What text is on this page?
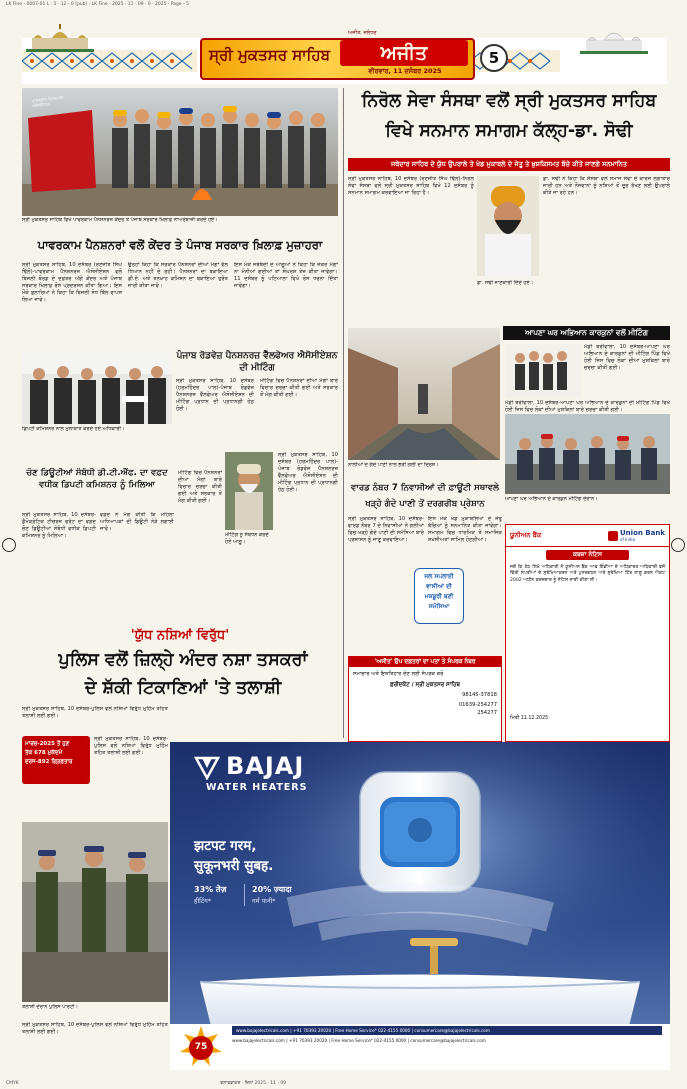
LK Fine - 0007-01 L · 5 · 12 - 0 (pub) · LK Fine - 2025 · 11 · 09 · 0 · 2025 · Page - 5
ਸ੍ਰੀ ਮੁਕਤਸਰ ਸਾਹਿਬ
ਅਜੀਤ, ਜਲੰਧਰ
ਅਜੀਤ
ਵੀਰਵਾਰ, 11 ਦਸੰਬਰ 2025
5
ਪਾਵਰਕਾਮ ਪੈਨਸ਼ਨਰਜ਼ ਐਸੋਸੀਏਸ਼ਨ
ਸ੍ਰੀ ਮੁਕਤਸਰ ਸਾਹਿਬ ਵਿਖੇ ਪਾਵਰਕਾਮ ਪੈਨਸ਼ਨਰਜ਼ ਕੇਂਦਰ ਤੇ ਪੰਜਾਬ ਸਰਕਾਰ ਖ਼ਿਲਾਫ਼ ਨਾਅਰੇਬਾਜ਼ੀ ਕਰਦੇ ਹੋਏ।
ਪਾਵਰਕਾਮ ਪੈਨਸ਼ਨਰਾਂ ਵਲੋਂ ਕੇਂਦਰ ਤੇ ਪੰਜਾਬ ਸਰਕਾਰ ਖ਼ਿਲਾਫ਼ ਮੁਜ਼ਾਹਰਾ
ਸ੍ਰੀ ਮੁਕਤਸਰ ਸਾਹਿਬ, 10 ਦਸੰਬਰ (ਰਣਜੀਤ ਸਿੰਘ ਢਿੱਲੋਂ)-ਪਾਵਰਕਾਮ ਪੈਨਸ਼ਨਰਜ਼ ਐਸੋਸੀਏਸ਼ਨ ਵਲੋਂ ਬਿਜਲੀ ਬੋਰਡ ਦੇ ਦਫ਼ਤਰ ਅੱਗੇ ਕੇਂਦਰ ਅਤੇ ਪੰਜਾਬ ਸਰਕਾਰ ਖ਼ਿਲਾਫ਼ ਰੋਸ ਪ੍ਰਦਰਸ਼ਨ ਕੀਤਾ ਗਿਆ। ਇਸ ਮੌਕੇ ਬੁਲਾਰਿਆਂ ਨੇ ਕਿਹਾ ਕਿ ਬਿਜਲੀ ਸੋਧ ਬਿੱਲ ਵਾਪਸ ਲਿਆ ਜਾਵੇ।
ਉਨ੍ਹਾਂ ਕਿਹਾ ਕਿ ਸਰਕਾਰ ਪੈਨਸ਼ਨਰਾਂ ਦੀਆਂ ਮੰਗਾਂ ਵੱਲ ਧਿਆਨ ਨਹੀਂ ਦੇ ਰਹੀ। ਪੈਨਸ਼ਨਰਾਂ ਦਾ ਬਕਾਇਆ ਡੀ.ਏ. ਅਤੇ ਤਨਖ਼ਾਹ ਕਮਿਸ਼ਨ ਦਾ ਬਕਾਇਆ ਤੁਰੰਤ ਜਾਰੀ ਕੀਤਾ ਜਾਵੇ।
ਇਸ ਮੌਕੇ ਜਥੇਬੰਦੀ ਦੇ ਆਗੂਆਂ ਨੇ ਕਿਹਾ ਕਿ ਜੇਕਰ ਮੰਗਾਂ ਨਾ ਮੰਨੀਆਂ ਗਈਆਂ ਤਾਂ ਸੰਘਰਸ਼ ਤੇਜ਼ ਕੀਤਾ ਜਾਵੇਗਾ। 11 ਦਸੰਬਰ ਨੂੰ ਪਟਿਆਲਾ ਵਿਖੇ ਰੋਸ ਧਰਨਾ ਦਿੱਤਾ ਜਾਵੇਗਾ।
ਪੰਜਾਬ ਰੋਡਵੇਜ਼ ਪੈਨਸ਼ਨਰਜ਼ ਵੈੱਲਫੇਅਰ ਐਸੋਸੀਏਸ਼ਨ ਦੀ ਮੀਟਿੰਗ
ਸ੍ਰੀ ਮੁਕਤਸਰ ਸਾਹਿਬ, 10 ਦਸੰਬਰ (ਹਰਮਹਿੰਦਰ ਪਾਲ)-ਪੰਜਾਬ ਰੋਡਵੇਜ਼ ਪੈਨਸ਼ਨਰਜ਼ ਵੈੱਲਫੇਅਰ ਐਸੋਸੀਏਸ਼ਨ ਦੀ ਮੀਟਿੰਗ ਪ੍ਰਧਾਨ ਦੀ ਪ੍ਰਧਾਨਗੀ ਹੇਠ ਹੋਈ।
ਮੀਟਿੰਗ ਵਿਚ ਪੈਨਸ਼ਨਰਾਂ ਦੀਆਂ ਮੰਗਾਂ ਬਾਰੇ ਵਿਚਾਰ ਚਰਚਾ ਕੀਤੀ ਗਈ ਅਤੇ ਸਰਕਾਰ ਤੋਂ ਮੰਗ ਕੀਤੀ ਗਈ।
ਮੀਟਿੰਗ ਨੂੰ ਸੰਬੋਧਨ ਕਰਦੇ ਹੋਏ ਆਗੂ।
ਡਿਪਟੀ ਕਮਿਸ਼ਨਰ ਨਾਲ ਮੁਲਾਕਾਤ ਕਰਦੇ ਹੋਏ ਅਧਿਕਾਰੀ।
ਚੋਣ ਡਿਊਟੀਆਂ ਸੰਬੰਧੀ ਡੀ.ਟੀ.ਐੱਫ. ਦਾ ਵਫ਼ਦ ਵਧੀਕ ਡਿਪਟੀ ਕਮਿਸ਼ਨਰ ਨੂੰ ਮਿਲਿਆ
ਸ੍ਰੀ ਮੁਕਤਸਰ ਸਾਹਿਬ, 10 ਦਸੰਬਰ-ਡੈਮੋਕ੍ਰੇਟਿਕ ਟੀਚਰਜ਼ ਫਰੰਟ ਦਾ ਵਫ਼ਦ ਚੋਣ ਡਿਊਟੀਆਂ ਸੰਬੰਧੀ ਵਧੀਕ ਡਿਪਟੀ ਕਮਿਸ਼ਨਰ ਨੂੰ ਮਿਲਿਆ।
ਵਫ਼ਦ ਨੇ ਮੰਗ ਕੀਤੀ ਕਿ ਮਹਿਲਾ ਅਧਿਆਪਕਾਂ ਦੀ ਡਿਊਟੀ ਨੇੜੇ ਲਗਾਈ ਜਾਵੇ।
ਮੀਟਿੰਗ ਵਿਚ ਪੈਨਸ਼ਨਰਾਂ ਦੀਆਂ ਮੰਗਾਂ ਬਾਰੇ ਵਿਚਾਰ ਚਰਚਾ ਕੀਤੀ ਗਈ ਅਤੇ ਸਰਕਾਰ ਤੋਂ ਮੰਗ ਕੀਤੀ ਗਈ।
ਸ੍ਰੀ ਮੁਕਤਸਰ ਸਾਹਿਬ, 10 ਦਸੰਬਰ (ਹਰਮਹਿੰਦਰ ਪਾਲ)-ਪੰਜਾਬ ਰੋਡਵੇਜ਼ ਪੈਨਸ਼ਨਰਜ਼ ਵੈੱਲਫੇਅਰ ਐਸੋਸੀਏਸ਼ਨ ਦੀ ਮੀਟਿੰਗ ਪ੍ਰਧਾਨ ਦੀ ਪ੍ਰਧਾਨਗੀ ਹੇਠ ਹੋਈ।
'ਯੁੱਧ ਨਸ਼ਿਆਂ ਵਿਰੁੱਧ'
ਪੁਲਿਸ ਵਲੋਂ ਜ਼ਿਲ੍ਹੇ ਅੰਦਰ ਨਸ਼ਾ ਤਸਕਰਾਂ
ਦੇ ਸ਼ੱਕੀ ਟਿਕਾਣਿਆਂ 'ਤੇ ਤਲਾਸ਼ੀ
ਸ੍ਰੀ ਮੁਕਤਸਰ ਸਾਹਿਬ, 10 ਦਸੰਬਰ-ਪੁਲਿਸ ਵਲੋਂ ਨਸ਼ਿਆਂ ਵਿਰੁੱਧ ਮੁਹਿੰਮ ਤਹਿਤ ਤਲਾਸ਼ੀ ਲਈ ਗਈ।
ਮਾਰਚ-2025 ਤੋਂ ਹੁਣ
ਤੱਕ 678 ਮੁਕੱਦਮੇ
ਦਰਜ-892 ਗ੍ਰਿਫ਼ਤਾਰ
ਸ੍ਰੀ ਮੁਕਤਸਰ ਸਾਹਿਬ, 10 ਦਸੰਬਰ-ਪੁਲਿਸ ਵਲੋਂ ਨਸ਼ਿਆਂ ਵਿਰੁੱਧ ਮੁਹਿੰਮ ਤਹਿਤ ਤਲਾਸ਼ੀ ਲਈ ਗਈ।
ਤਲਾਸ਼ੀ ਦੌਰਾਨ ਪੁਲਿਸ ਪਾਰਟੀ।
ਸ੍ਰੀ ਮੁਕਤਸਰ ਸਾਹਿਬ, 10 ਦਸੰਬਰ-ਪੁਲਿਸ ਵਲੋਂ ਨਸ਼ਿਆਂ ਵਿਰੁੱਧ ਮੁਹਿੰਮ ਤਹਿਤ ਤਲਾਸ਼ੀ ਲਈ ਗਈ।
ਨਿਰੋਲ ਸੇਵਾ ਸੰਸਥਾ ਵਲੋਂ ਸ੍ਰੀ ਮੁਕਤਸਰ ਸਾਹਿਬ
ਵਿਖੇ ਸਨਮਾਨ ਸਮਾਗਮ ਕੱਲ੍ਹ-ਡਾ. ਸੋਢੀ
ਜਥੇਦਾਰ ਸਾਹਿਬ ਦੇ ਯੁੱਧ ਉਪਰਾਲੇ ਤੇ ਖੇਡ ਮੁਕਾਬਲੇ ਦੇ ਜੇਤੂ ਤੇ ਖ਼ੁਸ਼ਕਿਸਮਤ ਬੱਚੇ ਕੀਤੇ ਜਾਣਗੇ ਸਨਮਾਨਿਤ
ਸ੍ਰੀ ਮੁਕਤਸਰ ਸਾਹਿਬ, 10 ਦਸੰਬਰ (ਰਣਜੀਤ ਸਿੰਘ ਢਿੱਲੋਂ)-ਨਿਰੋਲ ਸੇਵਾ ਸੰਸਥਾ ਵਲੋਂ ਸ੍ਰੀ ਮੁਕਤਸਰ ਸਾਹਿਬ ਵਿਖੇ 12 ਦਸੰਬਰ ਨੂੰ ਸਨਮਾਨ ਸਮਾਗਮ ਕਰਵਾਇਆ ਜਾ ਰਿਹਾ ਹੈ।
ਡਾ. ਸੋਢੀ ਜਾਣਕਾਰੀ ਦਿੰਦੇ ਹੋਏ।
ਡਾ. ਸੋਢੀ ਨੇ ਕਿਹਾ ਕਿ ਸੰਸਥਾ ਵਲੋਂ ਸਮਾਜ ਸੇਵਾ ਦੇ ਕਾਰਜ ਲਗਾਤਾਰ ਜਾਰੀ ਹਨ ਅਤੇ ਨੌਜਵਾਨਾਂ ਨੂੰ ਨਸ਼ਿਆਂ ਤੋਂ ਦੂਰ ਰੱਖਣ ਲਈ ਉਪਰਾਲੇ ਕੀਤੇ ਜਾ ਰਹੇ ਹਨ।
ਨਾਲੀਆਂ ਦੇ ਗੰਦੇ ਪਾਣੀ ਨਾਲ ਭਰੀ ਗਲੀ ਦਾ ਦ੍ਰਿਸ਼।
ਆਪਣਾ ਘਰ ਅਭਿਆਨ ਕਾਰਕੁਨਾਂ ਵਲੋਂ ਮੀਟਿੰਗ
ਮੰਡੀ ਬਰੀਵਾਲਾ, 10 ਦਸੰਬਰ-ਆਪਣਾ ਘਰ ਅਭਿਆਨ ਦੇ ਕਾਰਕੁਨਾਂ ਦੀ ਮੀਟਿੰਗ ਪਿੰਡ ਵਿਖੇ ਹੋਈ ਜਿਸ ਵਿਚ ਲੋਕਾਂ ਦੀਆਂ ਮੁਸ਼ਕਿਲਾਂ ਬਾਰੇ ਚਰਚਾ ਕੀਤੀ ਗਈ।
ਮੰਡੀ ਬਰੀਵਾਲਾ, 10 ਦਸੰਬਰ-ਆਪਣਾ ਘਰ ਅਭਿਆਨ ਦੇ ਕਾਰਕੁਨਾਂ ਦੀ ਮੀਟਿੰਗ ਪਿੰਡ ਵਿਖੇ ਹੋਈ ਜਿਸ ਵਿਚ ਲੋਕਾਂ ਦੀਆਂ ਮੁਸ਼ਕਿਲਾਂ ਬਾਰੇ ਚਰਚਾ ਕੀਤੀ ਗਈ।
ਆਪਣਾ ਘਰ ਅਭਿਆਨ ਦੇ ਕਾਰਕੁਨ ਮੀਟਿੰਗ ਦੌਰਾਨ।
ਵਾਰਡ ਨੰਬਰ 7 ਨਿਵਾਸੀਆਂ ਦੀ ਫ਼ਾਊਂਟੀ ਸਥਾਵਲੇ
ਖੜ੍ਹੇ ਗੰਦੇ ਪਾਣੀ ਤੋਂ ਦਰਗਰੀਬ ਪ੍ਰੇਸ਼ਾਨ
ਸ੍ਰੀ ਮੁਕਤਸਰ ਸਾਹਿਬ, 10 ਦਸੰਬਰ-ਵਾਰਡ ਨੰਬਰ 7 ਦੇ ਨਿਵਾਸੀਆਂ ਨੇ ਗਲੀਆਂ ਵਿਚ ਖੜ੍ਹੇ ਗੰਦੇ ਪਾਣੀ ਦੀ ਸਮੱਸਿਆ ਬਾਰੇ ਪ੍ਰਸ਼ਾਸਨ ਨੂੰ ਜਾਣੂ ਕਰਵਾਇਆ।
ਜਲ ਸਪਲਾਈ ਵਾਸੀਆਂ ਦੀ ਮਜ਼ਬੂਰੀ ਬਣੀ ਸਮੱਸਿਆ
ਇਸ ਮੌਕੇ ਖੇਡ ਮੁਕਾਬਲਿਆਂ ਦੇ ਜੇਤੂ ਬੱਚਿਆਂ ਨੂੰ ਸਨਮਾਨਿਤ ਕੀਤਾ ਜਾਵੇਗਾ। ਸਮਾਗਮ ਵਿਚ ਧਾਰਮਿਕ ਤੇ ਸਮਾਜਿਕ ਸ਼ਖ਼ਸੀਅਤਾਂ ਸ਼ਾਮਿਲ ਹੋਣਗੀਆਂ।
'ਅਜੀਤ' ਉਪ ਦਫ਼ਤਰਾਂ ਦਾ ਪਤਾ ਤੇ ਸੰਪਰਕ ਨੰਬਰ
ਸਮਾਚਾਰ ਅਤੇ ਇਸ਼ਤਿਹਾਰ ਦੇਣ ਲਈ ਸੰਪਰਕ ਕਰੋ
ਫ਼ਰੀਦਕੋਟ / ਸ੍ਰੀ ਮੁਕਤਸਰ ਸਾਹਿਬ
98145-37818
01639-254277
254277
ਯੂਨੀਅਨ ਬੈਂਕ	Union Bank
of India
ਕਬਜ਼ਾ ਨੋਟਿਸ
ਜਦੋਂ ਕਿ ਹੇਠ ਲਿਖੇ ਅਧਿਕਾਰੀ ਨੇ ਯੂਨੀਅਨ ਬੈਂਕ ਆਫ਼ ਇੰਡੀਆ ਦੇ ਅਧਿਕਾਰਤ ਅਧਿਕਾਰੀ ਵਜੋਂ ਵਿੱਤੀ ਸੰਪਤੀਆਂ ਦੇ ਸੁਰੱਖਿਆਕਰਨ ਅਤੇ ਪੁਨਰਗਠਨ ਅਤੇ ਸੁਰੱਖਿਆ ਹਿੱਤ ਲਾਗੂ ਕਰਨ ਐਕਟ 2002 ਅਧੀਨ ਕਰਜ਼ਦਾਰ ਨੂੰ ਨੋਟਿਸ ਜਾਰੀ ਕੀਤਾ ਸੀ।
ਮਿਤੀ 11.12.2025
BAJAJ
WATER HEATERS
झटपट गरम,
सुकूनभरी सुबह.
33% तेज़
हीटिंग*
20% ज़्यादा
गर्म पानी*
www.bajajelectricals.com | +91 70393 20020 | Free Home Service* 022-4155 0000 | consumercare@bajajelectricals.com
www.bajajelectricals.com | +91 70393 20020 | Free Home Service* 022-4155 0000 | consumercare@bajajelectricals.com
75
CMYK	ਫਲਾਵਡਾਕਰ · ਦਿਨਾਂ 2025 · 11 · 09
